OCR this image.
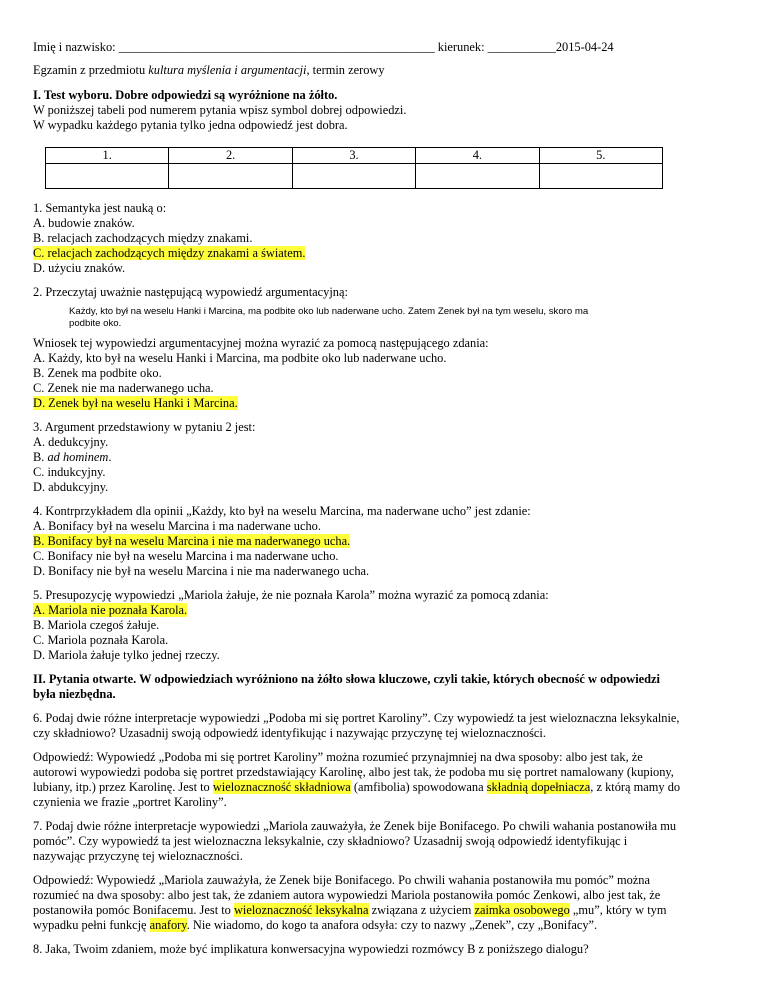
Imię i nazwisko: ___________________________________________________ kierunek: ___________2015-04-24
Egzamin z przedmiotu kultura myślenia i argumentacji, termin zerowy
I. Test wyboru. Dobre odpowiedzi są wyróżnione na żółto.
W poniższej tabeli pod numerem pytania wpisz symbol dobrej odpowiedzi.
W wypadku każdego pytania tylko jedna odpowiedź jest dobra.
1.	2.	3.	4.	5.

1. Semantyka jest nauką o:
A. budowie znaków.
B. relacjach zachodzących między znakami.
C. relacjach zachodzących między znakami a światem.
D. użyciu znaków.
2. Przeczytaj uważnie następującą wypowiedź argumentacyjną:
Każdy, kto był na weselu Hanki i Marcina, ma podbite oko lub naderwane ucho. Zatem Zenek był na tym weselu, skoro ma
podbite oko.
Wniosek tej wypowiedzi argumentacyjnej można wyrazić za pomocą następującego zdania:
A. Każdy, kto był na weselu Hanki i Marcina, ma podbite oko lub naderwane ucho.
B. Zenek ma podbite oko.
C. Zenek nie ma naderwanego ucha.
D. Zenek był na weselu Hanki i Marcina.
3. Argument przedstawiony w pytaniu 2 jest:
A. dedukcyjny.
B. ad hominem.
C. indukcyjny.
D. abdukcyjny.
4. Kontrprzykładem dla opinii „Każdy, kto był na weselu Marcina, ma naderwane ucho” jest zdanie:
A. Bonifacy był na weselu Marcina i ma naderwane ucho.
B. Bonifacy był na weselu Marcina i nie ma naderwanego ucha.
C. Bonifacy nie był na weselu Marcina i ma naderwane ucho.
D. Bonifacy nie był na weselu Marcina i nie ma naderwanego ucha.
5. Presupozycję wypowiedzi „Mariola żałuje, że nie poznała Karola” można wyrazić za pomocą zdania:
A. Mariola nie poznała Karola.
B. Mariola czegoś żałuje.
C. Mariola poznała Karola.
D. Mariola żałuje tylko jednej rzeczy.
II. Pytania otwarte. W odpowiedziach wyróżniono na żółto słowa kluczowe, czyli takie, których obecność w odpowiedzi
była niezbędna.
6. Podaj dwie różne interpretacje wypowiedzi „Podoba mi się portret Karoliny”. Czy wypowiedź ta jest wieloznaczna leksykalnie,
czy składniowo? Uzasadnij swoją odpowiedź identyfikując i nazywając przyczynę tej wieloznaczności.
Odpowiedź: Wypowiedź „Podoba mi się portret Karoliny” można rozumieć przynajmniej na dwa sposoby: albo jest tak, że
autorowi wypowiedzi podoba się portret przedstawiający Karolinę, albo jest tak, że podoba mu się portret namalowany (kupiony,
lubiany, itp.) przez Karolinę. Jest to wieloznaczność składniowa (amfibolia) spowodowana składnią dopełniacza, z którą mamy do
czynienia we frazie „portret Karoliny”.
7. Podaj dwie różne interpretacje wypowiedzi „Mariola zauważyła, że Zenek bije Bonifacego. Po chwili wahania postanowiła mu
pomóc”. Czy wypowiedź ta jest wieloznaczna leksykalnie, czy składniowo? Uzasadnij swoją odpowiedź identyfikując i
nazywając przyczynę tej wieloznaczności.
Odpowiedź: Wypowiedź „Mariola zauważyła, że Zenek bije Bonifacego. Po chwili wahania postanowiła mu pomóc” można
rozumieć na dwa sposoby: albo jest tak, że zdaniem autora wypowiedzi Mariola postanowiła pomóc Zenkowi, albo jest tak, że
postanowiła pomóc Bonifacemu. Jest to wieloznaczność leksykalna związana z użyciem zaimka osobowego „mu”, który w tym
wypadku pełni funkcję anafory. Nie wiadomo, do kogo ta anafora odsyła: czy to nazwy „Zenek”, czy „Bonifacy”.
8. Jaka, Twoim zdaniem, może być implikatura konwersacyjna wypowiedzi rozmówcy B z poniższego dialogu?
